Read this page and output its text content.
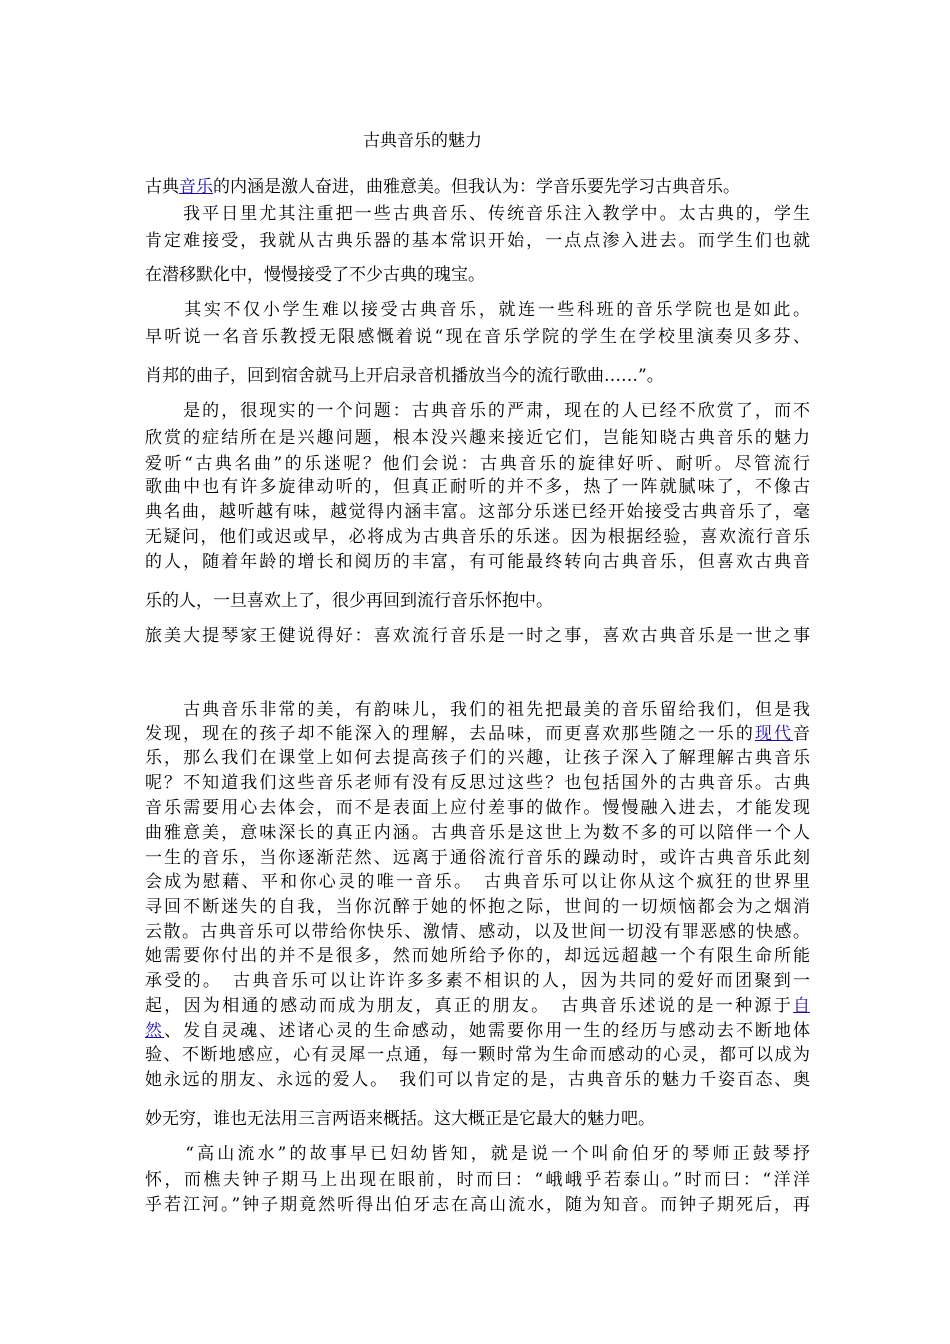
古典音乐的魅力
古典音乐的内涵是激人奋进，曲雅意美。但我认为：学音乐要先学习古典音乐。
　　我平日里尤其注重把一些古典音乐、传统音乐注入教学中。太古典的，学生
肯定难接受，我就从古典乐器的基本常识开始，一点点渗入进去。而学生们也就
在潜移默化中，慢慢接受了不少古典的瑰宝。
　　其实不仅小学生难以接受古典音乐，就连一些科班的音乐学院也是如此。
早听说一名音乐教授无限感慨着说“现在音乐学院的学生在学校里演奏贝多芬、
肖邦的曲子，回到宿舍就马上开启录音机播放当今的流行歌曲……”。
　　是的，很现实的一个问题：古典音乐的严肃，现在的人已经不欣赏了，而不
欣赏的症结所在是兴趣问题，根本没兴趣来接近它们，岂能知晓古典音乐的魅力
爱听“古典名曲”的乐迷呢？他们会说：古典音乐的旋律好听、耐听。尽管流行
歌曲中也有许多旋律动听的，但真正耐听的并不多，热了一阵就腻味了，不像古
典名曲，越听越有味，越觉得内涵丰富。这部分乐迷已经开始接受古典音乐了，毫
无疑问，他们或迟或早，必将成为古典音乐的乐迷。因为根据经验，喜欢流行音乐
的人，随着年龄的增长和阅历的丰富，有可能最终转向古典音乐，但喜欢古典音
乐的人，一旦喜欢上了，很少再回到流行音乐怀抱中。
旅美大提琴家王健说得好：喜欢流行音乐是一时之事，喜欢古典音乐是一世之事
　　古典音乐非常的美，有韵味儿，我们的祖先把最美的音乐留给我们，但是我
发现，现在的孩子却不能深入的理解，去品味，而更喜欢那些随之一乐的现代音
乐，那么我们在课堂上如何去提高孩子们的兴趣，让孩子深入了解理解古典音乐
呢？不知道我们这些音乐老师有没有反思过这些？也包括国外的古典音乐。古典
音乐需要用心去体会，而不是表面上应付差事的做作。慢慢融入进去，才能发现
曲雅意美，意味深长的真正内涵。古典音乐是这世上为数不多的可以陪伴一个人
一生的音乐，当你逐渐茫然、远离于通俗流行音乐的躁动时，或许古典音乐此刻
会成为慰藉、平和你心灵的唯一音乐。　古典音乐可以让你从这个疯狂的世界里
寻回不断迷失的自我，当你沉醉于她的怀抱之际，世间的一切烦恼都会为之烟消
云散。古典音乐可以带给你快乐、激情、感动，以及世间一切没有罪恶感的快感。
她需要你付出的并不是很多，然而她所给予你的，却远远超越一个有限生命所能
承受的。　古典音乐可以让许许多多素不相识的人，因为共同的爱好而团聚到一
起，因为相通的感动而成为朋友，真正的朋友。　古典音乐述说的是一种源于自
然、发自灵魂、述诸心灵的生命感动，她需要你用一生的经历与感动去不断地体
验、不断地感应，心有灵犀一点通，每一颗时常为生命而感动的心灵，都可以成为
她永远的朋友、永远的爱人。　我们可以肯定的是，古典音乐的魅力千姿百态、奥
妙无穷，谁也无法用三言两语来概括。这大概正是它最大的魅力吧。
　　“高山流水”的故事早已妇幼皆知，就是说一个叫俞伯牙的琴师正鼓琴抒
怀，而樵夫钟子期马上出现在眼前，时而曰：“峨峨乎若泰山。”时而曰：“洋洋
乎若江河。”钟子期竟然听得出伯牙志在高山流水，随为知音。而钟子期死后，再
